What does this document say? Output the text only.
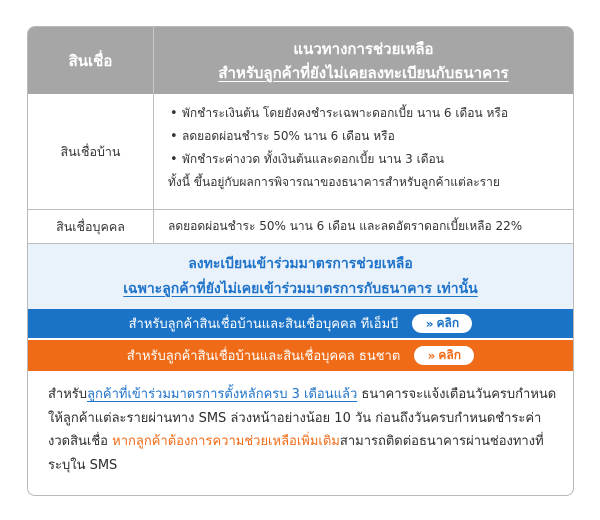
สินเชื่อ
แนวทางการช่วยเหลือ
สำหรับลูกค้าที่ยังไม่เคยลงทะเบียนกับธนาคาร
สินเชื่อบ้าน
• พักชำระเงินต้น โดยยังคงชำระเฉพาะดอกเบี้ย นาน 6 เดือน หรือ
• ลดยอดผ่อนชำระ 50% นาน 6 เดือน หรือ
• พักชำระค่างวด ทั้งเงินต้นและดอกเบี้ย นาน 3 เดือน
ทั้งนี้ ขึ้นอยู่กับผลการพิจารณาของธนาคารสำหรับลูกค้าแต่ละราย
สินเชื่อบุคคล	ลดยอดผ่อนชำระ 50% นาน 6 เดือน และลดอัตราดอกเบี้ยเหลือ 22%
ลงทะเบียนเข้าร่วมมาตรการช่วยเหลือ
เฉพาะลูกค้าที่ยังไม่เคยเข้าร่วมมาตรการกับธนาคาร เท่านั้น
สำหรับลูกค้าสินเชื่อบ้านและสินเชื่อบุคคล ทีเอ็มบี » คลิก
สำหรับลูกค้าสินเชื่อบ้านและสินเชื่อบุคคล ธนชาต » คลิก
สำหรับลูกค้าที่เข้าร่วมมาตรการตั้งหลักครบ 3 เดือนแล้ว ธนาคารจะแจ้งเตือนวันครบกำหนดให้ลูกค้าแต่ละรายผ่านทาง SMS ล่วงหน้าอย่างน้อย 10 วัน ก่อนถึงวันครบกำหนดชำระค่างวดสินเชื่อ หากลูกค้าต้องการความช่วยเหลือเพิ่มเติมสามารถติดต่อธนาคารผ่านช่องทางที่ระบุใน SMS
